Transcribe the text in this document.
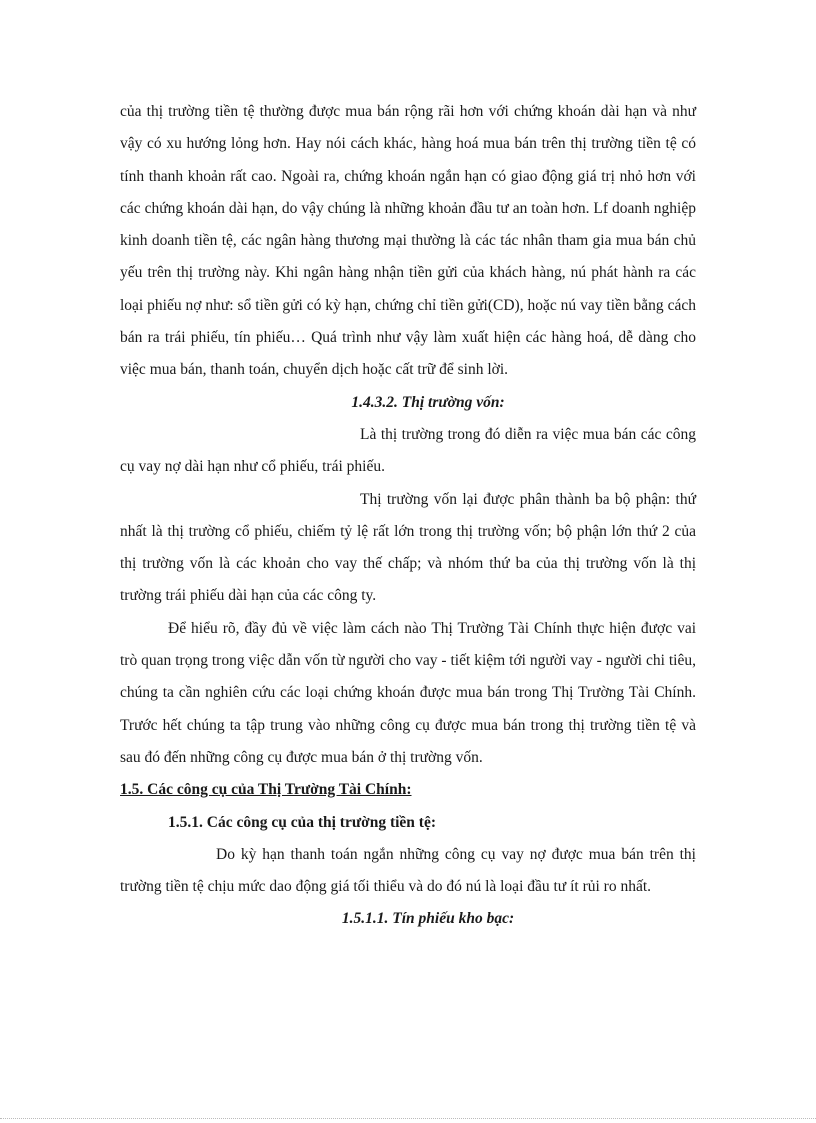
của thị trường tiền tệ thường được mua bán rộng rãi hơn với chứng khoán dài hạn và như vậy có xu hướng lỏng hơn. Hay nói cách khác, hàng hoá mua bán trên thị trường tiền tệ có tính thanh khoản rất cao. Ngoài ra, chứng khoán ngắn hạn có giao động giá trị nhỏ hơn với các chứng khoán dài hạn, do vậy chúng là những khoản đầu tư an toàn hơn. Lf doanh nghiệp kinh doanh tiền tệ, các ngân hàng thương mại thường là các tác nhân tham gia mua bán chủ yếu trên thị trường này. Khi ngân hàng nhận tiền gửi của khách hàng, nú phát hành ra các loại phiếu nợ như: sổ tiền gửi có kỳ hạn, chứng chỉ tiền gửi(CD), hoặc nú vay tiền bằng cách bán ra trái phiếu, tín phiếu… Quá trình như vậy làm xuất hiện các hàng hoá, dễ dàng cho việc mua bán, thanh toán, chuyển dịch hoặc cất trữ để sinh lời.

1.4.3.2. Thị trường vốn:

Là thị trường trong đó diễn ra việc mua bán các công cụ vay nợ dài hạn như cổ phiếu, trái phiếu.

Thị trường vốn lại được phân thành ba bộ phận: thứ nhất là thị trường cổ phiếu, chiếm tỷ lệ rất lớn trong thị trường vốn; bộ phận lớn thứ 2 của thị trường vốn là các khoản cho vay thế chấp; và nhóm thứ ba của thị trường vốn là thị trường trái phiếu dài hạn của các công ty.

Để hiểu rõ, đầy đủ về việc làm cách nào Thị Trường Tài Chính thực hiện được vai trò quan trọng trong việc dẫn vốn từ người cho vay - tiết kiệm tới người vay - người chi tiêu, chúng ta cần nghiên cứu các loại chứng khoán được mua bán trong Thị Trường Tài Chính. Trước hết chúng ta tập trung vào những công cụ được mua bán trong thị trường tiền tệ và sau đó đến những công cụ được mua bán ở thị trường vốn.

1.5. Các công cụ của Thị Trường Tài Chính:

1.5.1. Các công cụ của thị trường tiền tệ:

Do kỳ hạn thanh toán ngắn những công cụ vay nợ được mua bán trên thị trường tiền tệ chịu mức dao động giá tối thiểu và do đó nú là loại đầu tư ít rủi ro nhất.

1.5.1.1. Tín phiếu kho bạc:
